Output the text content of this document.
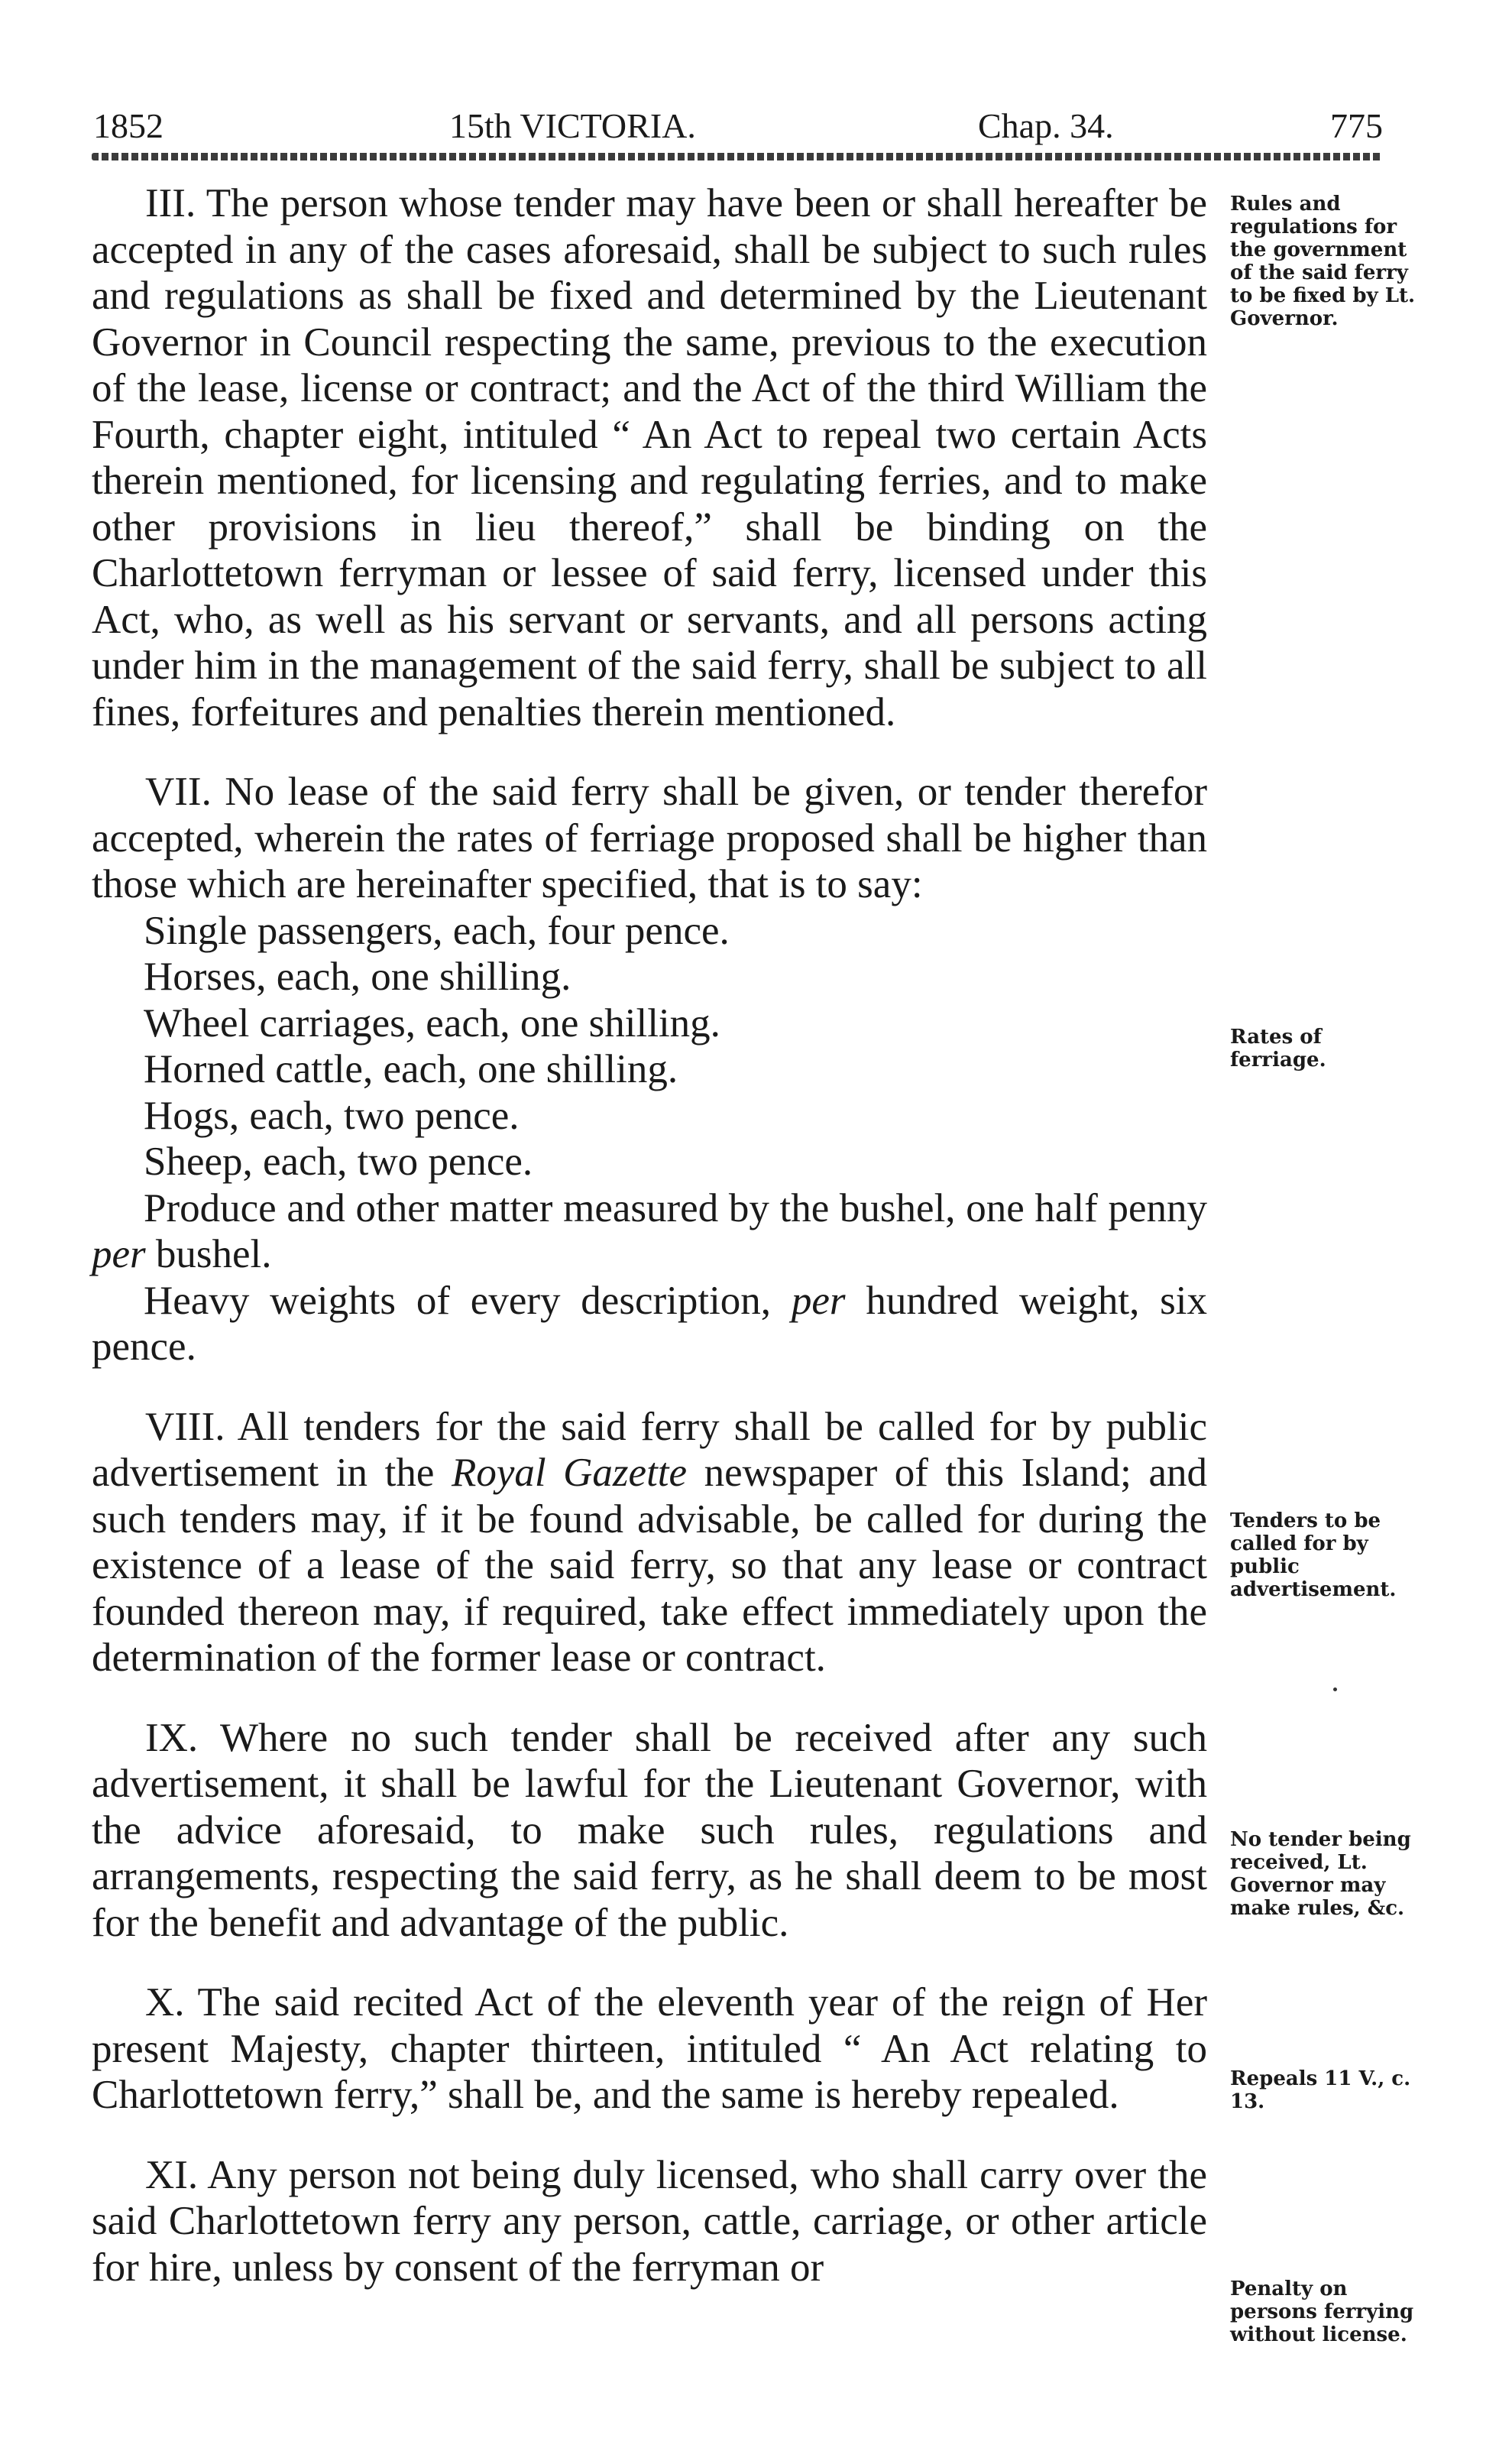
1852	15th VICTORIA.	Chap. 34.	775

III. The person whose tender may have been or shall hereafter be accepted in any of the cases aforesaid, shall be subject to such rules and regulations as shall be fixed and determined by the Lieutenant Governor in Council respecting the same, previous to the execution of the lease, license or contract; and the Act of the third William the Fourth, chapter eight, intituled “ An Act to repeal two certain Acts therein mentioned, for licensing and regulating ferries, and to make other provisions in lieu thereof,” shall be binding on the Charlottetown ferryman or lessee of said ferry, licensed under this Act, who, as well as his servant or servants, and all persons acting under him in the management of the said ferry, shall be subject to all fines, forfeitures and penalties therein mentioned.

VII. No lease of the said ferry shall be given, or tender therefor accepted, wherein the rates of ferriage proposed shall be higher than those which are hereinafter specified, that is to say:

Single passengers, each, four pence.
Horses, each, one shilling.
Wheel carriages, each, one shilling.
Horned cattle, each, one shilling.
Hogs, each, two pence.
Sheep, each, two pence.
Produce and other matter measured by the bushel, one half penny per bushel.
Heavy weights of every description, per hundred weight, six pence.

VIII. All tenders for the said ferry shall be called for by public advertisement in the Royal Gazette newspaper of this Island; and such tenders may, if it be found advisable, be called for during the existence of a lease of the said ferry, so that any lease or contract founded thereon may, if required, take effect immediately upon the determination of the former lease or contract.

IX. Where no such tender shall be received after any such advertisement, it shall be lawful for the Lieutenant Governor, with the advice aforesaid, to make such rules, regulations and arrangements, respecting the said ferry, as he shall deem to be most for the benefit and advantage of the public.

X. The said recited Act of the eleventh year of the reign of Her present Majesty, chapter thirteen, intituled “ An Act relating to Charlottetown ferry,” shall be, and the same is hereby repealed.

XI. Any person not being duly licensed, who shall carry over the said Charlottetown ferry any person, cattle, carriage, or other article for hire, unless by consent of the ferryman or

Rules and regulations for the government of the said ferry to be fixed by Lt. Governor.
Rates of ferriage.
Tenders to be called for by public advertisement.
No tender being received, Lt. Governor may make rules, &c.
Repeals 11 V., c. 13.
Penalty on persons ferrying without license.
